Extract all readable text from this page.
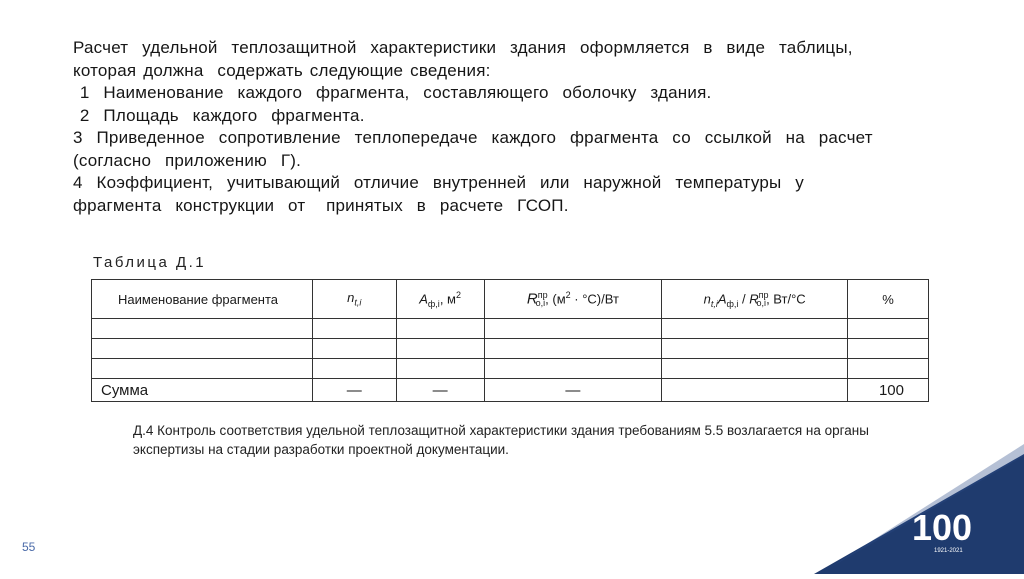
Расчет  удельной  теплозащитной  характеристики  здания  оформляется  в  виде  таблицы,

которая должна  содержать следующие сведения:

1  Наименование  каждого  фрагмента,  составляющего  оболочку  здания.

2  Площадь  каждого  фрагмента.

3  Приведенное  сопротивление  теплопередаче  каждого  фрагмента  со  ссылкой  на  расчет

(согласно  приложению  Г).

4  Коэффициент,  учитывающий  отличие  внутренней  или  наружной  температуры  у

фрагмента  конструкции  от   принятых  в  расчете  ГСОП.

Таблица Д.1
Наименование фрагмента	$n_{t,i}$	$A_{ф,i}$, $м^2$	$R^{пр}_{о,i}$, $(м^2 \cdot ^\circ С)/Вт$	$n_{t,i}A_{ф,i} / R^{пр}_{о,i}$, Вт/°С	%

Сумма	—	—	—		100
Д.4 Контроль соответствия удельной теплозащитной характеристики здания требованиям 5.5 возлагается на органы экспертизы на стадии разработки проектной документации.
55	100
1921-2021
